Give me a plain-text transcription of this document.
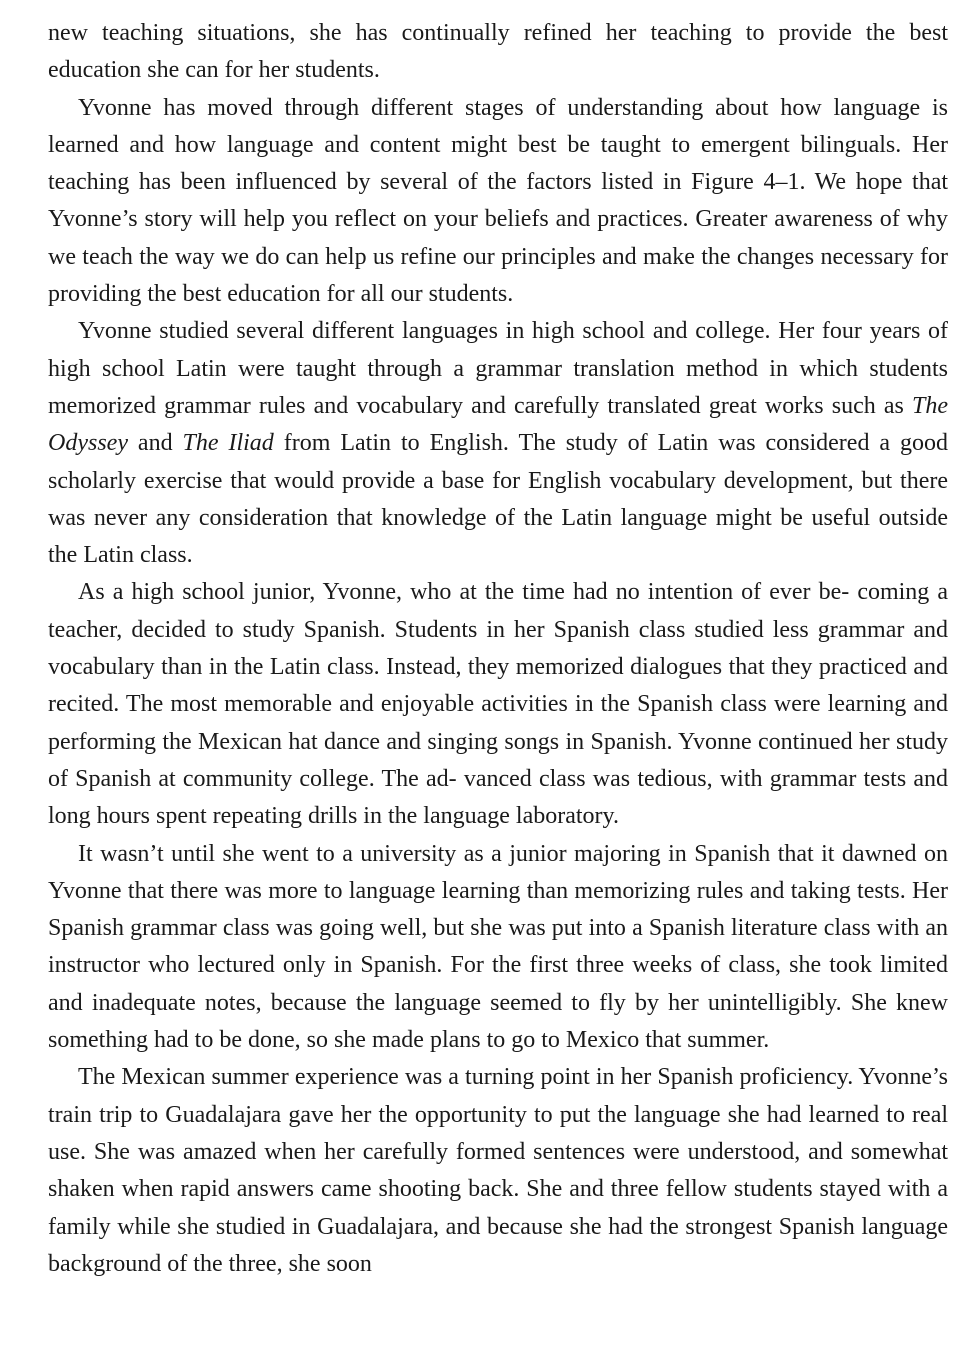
new teaching situations, she has continually refined her teaching to provide the best education she can for her students.

Yvonne has moved through different stages of understanding about how language is learned and how language and content might best be taught to emergent bilinguals. Her teaching has been influenced by several of the factors listed in Figure 4–1. We hope that Yvonne’s story will help you reflect on your beliefs and practices. Greater awareness of why we teach the way we do can help us refine our principles and make the changes necessary for providing the best education for all our students.

Yvonne studied several different languages in high school and college. Her four years of high school Latin were taught through a grammar translation method in which students memorized grammar rules and vocabulary and carefully translated great works such as The Odyssey and The Iliad from Latin to English. The study of Latin was considered a good scholarly exercise that would provide a base for English vocabulary development, but there was never any consideration that knowledge of the Latin language might be useful outside the Latin class.

As a high school junior, Yvonne, who at the time had no intention of ever be- coming a teacher, decided to study Spanish. Students in her Spanish class studied less grammar and vocabulary than in the Latin class. Instead, they memorized dialogues that they practiced and recited. The most memorable and enjoyable activities in the Spanish class were learning and performing the Mexican hat dance and singing songs in Spanish. Yvonne continued her study of Spanish at community college. The ad- vanced class was tedious, with grammar tests and long hours spent repeating drills in the language laboratory.

It wasn’t until she went to a university as a junior majoring in Spanish that it dawned on Yvonne that there was more to language learning than memorizing rules and taking tests. Her Spanish grammar class was going well, but she was put into a Spanish literature class with an instructor who lectured only in Spanish. For the first three weeks of class, she took limited and inadequate notes, because the language seemed to fly by her unintelligibly. She knew something had to be done, so she made plans to go to Mexico that summer.

The Mexican summer experience was a turning point in her Spanish proficiency. Yvonne’s train trip to Guadalajara gave her the opportunity to put the language she had learned to real use. She was amazed when her carefully formed sentences were understood, and somewhat shaken when rapid answers came shooting back. She and three fellow students stayed with a family while she studied in Guadalajara, and because she had the strongest Spanish language background of the three, she soon
